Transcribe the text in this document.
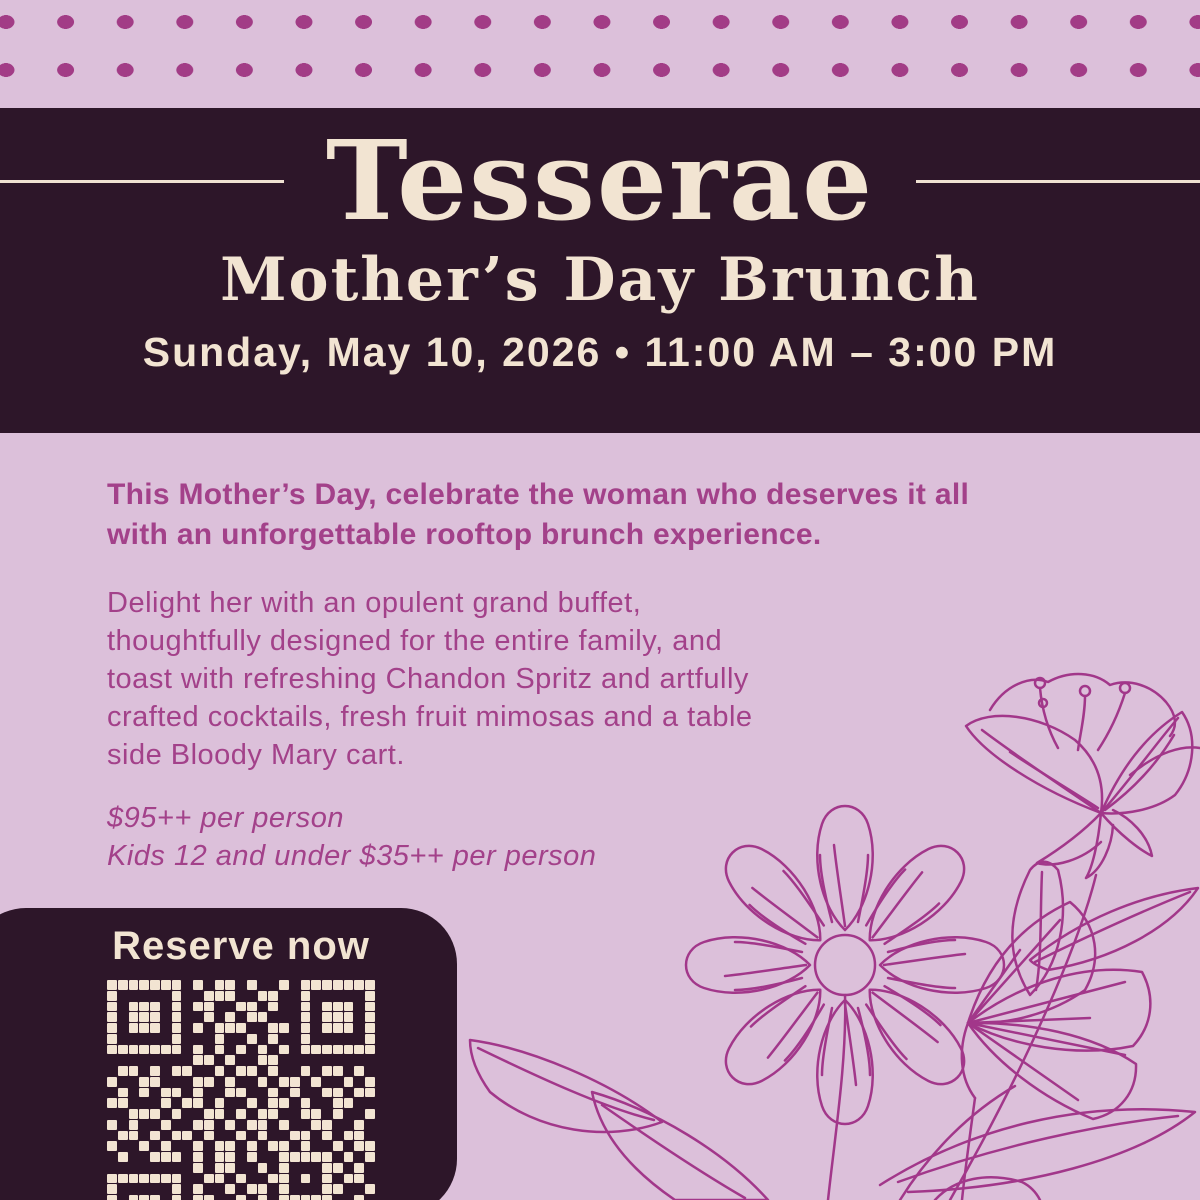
Tesserae
Mother’s Day Brunch
Sunday, May 10, 2026 • 11:00 AM – 3:00 PM
This Mother’s Day, celebrate the woman who deserves it all
with an unforgettable rooftop brunch experience.
Delight her with an opulent grand buffet,
thoughtfully designed for the entire family, and
toast with refreshing Chandon Spritz and artfully
crafted cocktails, fresh fruit mimosas and a table
side Bloody Mary cart.
$95++ per person
Kids 12 and under $35++ per person
Reserve now
